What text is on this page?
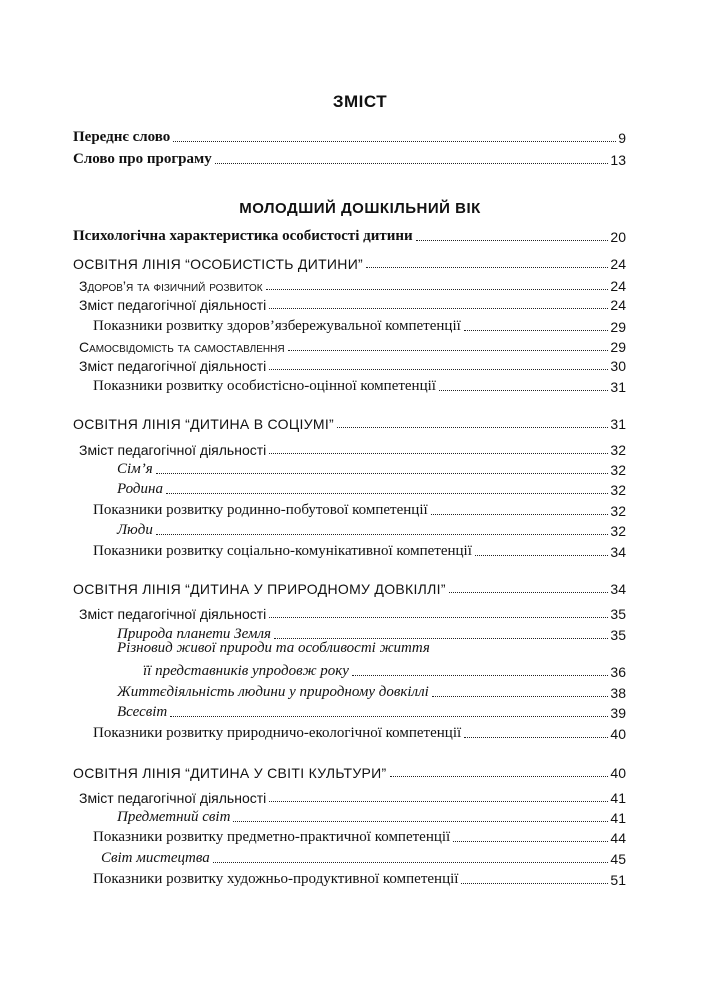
ЗМІСТ
Переднє слово	9
Слово про програму	13
МОЛОДШИЙ ДОШКІЛЬНИЙ ВІК
Психологічна характеристика особистості дитини	20
ОСВІТНЯ ЛІНІЯ “ОСОБИСТІСТЬ ДИТИНИ”	24
Здоров’я та фізичний розвиток	24
Зміст педагогічної діяльності	24
Показники розвитку здоров’язбережувальної компетенції	29
Самосвідомість та самоставлення	29
Зміст педагогічної діяльності	30
Показники розвитку особистісно-оцінної компетенції	31
ОСВІТНЯ ЛІНІЯ “ДИТИНА В СОЦІУМІ”	31
Зміст педагогічної діяльності	32
Сім’я	32
Родина	32
Показники розвитку родинно-побутової компетенції	32
Люди	32
Показники розвитку соціально-комунікативної компетенції	34
ОСВІТНЯ ЛІНІЯ “ДИТИНА У ПРИРОДНОМУ ДОВКІЛЛІ”	34
Зміст педагогічної діяльності	35
Природа планети Земля	35
Різновид живої природи та особливості життя
її представників упродовж року	36
Життєдіяльність людини у природному довкіллі	38
Всесвіт	39
Показники розвитку природничо-екологічної компетенції	40
ОСВІТНЯ ЛІНІЯ “ДИТИНА У СВІТІ КУЛЬТУРИ”	40
Зміст педагогічної діяльності	41
Предметний світ	41
Показники розвитку предметно-практичної компетенції	44
Світ мистецтва	45
Показники розвитку художньо-продуктивної компетенції	51
